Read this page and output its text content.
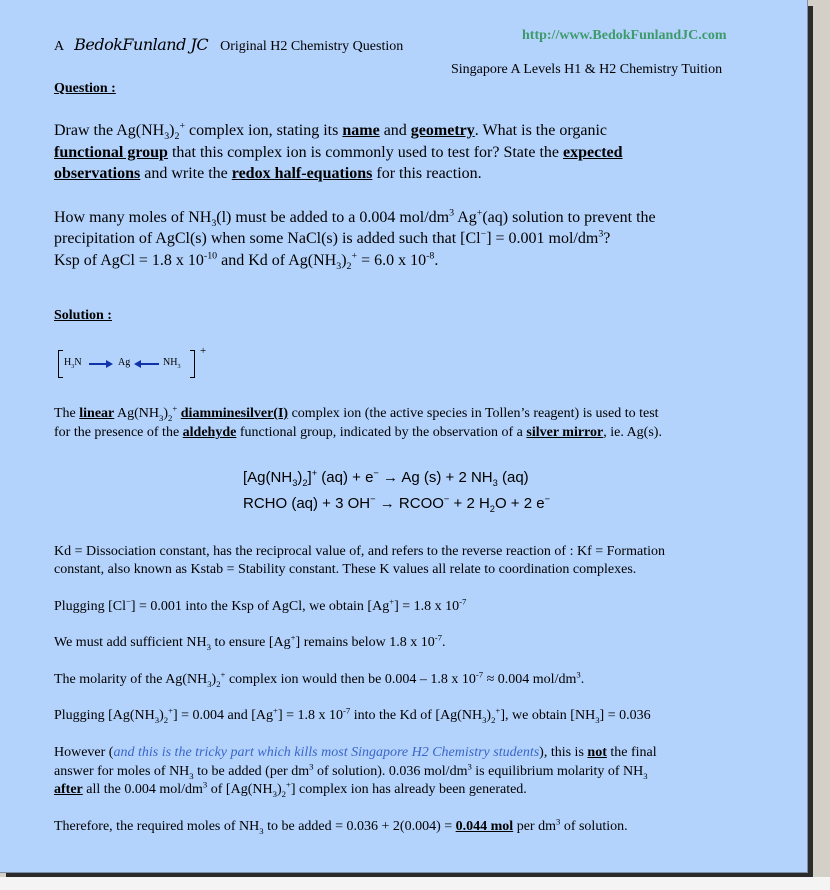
A BedokFunland JC Original H2 Chemistry Question
http://www.BedokFunlandJC.com
Singapore A Levels H1 & H2 Chemistry Tuition
Question :
Draw the $Ag(NH_3)_2^+$ complex ion, stating its name and geometry. What is the organic
functional group that this complex ion is commonly used to test for? State the expected
observations and write the redox half-equations for this reaction.
How many moles of $NH_3(l)$ must be added to a 0.004 mol/$dm^3$ Ag+(aq) solution to prevent the
precipitation of AgCl(s) when some NaCl(s) is added such that [Cl−] = 0.001 mol/$dm^3$?
Ksp of AgCl = 1.8 x $10^{-10}$ and Kd of $Ag(NH_3)_2^+ = 6.0$ x $10^{-8}$.
Solution :
$H_3N$	Ag	$NH_3$
+
The linear $Ag(NH_3)_2^+$ diamminesilver(I) complex ion (the active species in Tollen’s reagent) is used to test
for the presence of the aldehyde functional group, indicated by the observation of a silver mirror, ie. Ag(s).
$[Ag(NH_3)_2]^+$ (aq) + e− → Ag (s) + 2 $NH_3$ (aq)
RCHO (aq) + 3 OH− → RCOO− + 2 $H_2O + 2$ e−
Kd = Dissociation constant, has the reciprocal value of, and refers to the reverse reaction of : Kf = Formation
constant, also known as Kstab = Stability constant. These K values all relate to coordination complexes.
Plugging [Cl−] = 0.001 into the Ksp of AgCl, we obtain [Ag+] = 1.8 x $10^{-7}$
We must add sufficient $NH_3$ to ensure [Ag+] remains below 1.8 x $10^{-7}$.
The molarity of the $Ag(NH_3)_2^+$ complex ion would then be 0.004 – 1.8 x $10^{-7} \approx 0.004$ mol/$dm^3$.
Plugging $[Ag(NH_3)_2^+] = 0.004$ and [Ag+] = 1.8 x $10^{-7}$ into the Kd of $[Ag(NH_3)_2^+]$, we obtain $[NH_3] = 0.036$
However (and this is the tricky part which kills most Singapore H2 Chemistry students), this is not the final
answer for moles of $NH_3$ to be added (per $dm^3$ of solution). 0.036 mol/$dm^3$ is equilibrium molarity of $NH_3$
after all the 0.004 mol/$dm^3$ of $[Ag(NH_3)_2^+]$ complex ion has already been generated.
Therefore, the required moles of $NH_3$ to be added = 0.036 + 2(0.004) = 0.044 mol per $dm^3$ of solution.
